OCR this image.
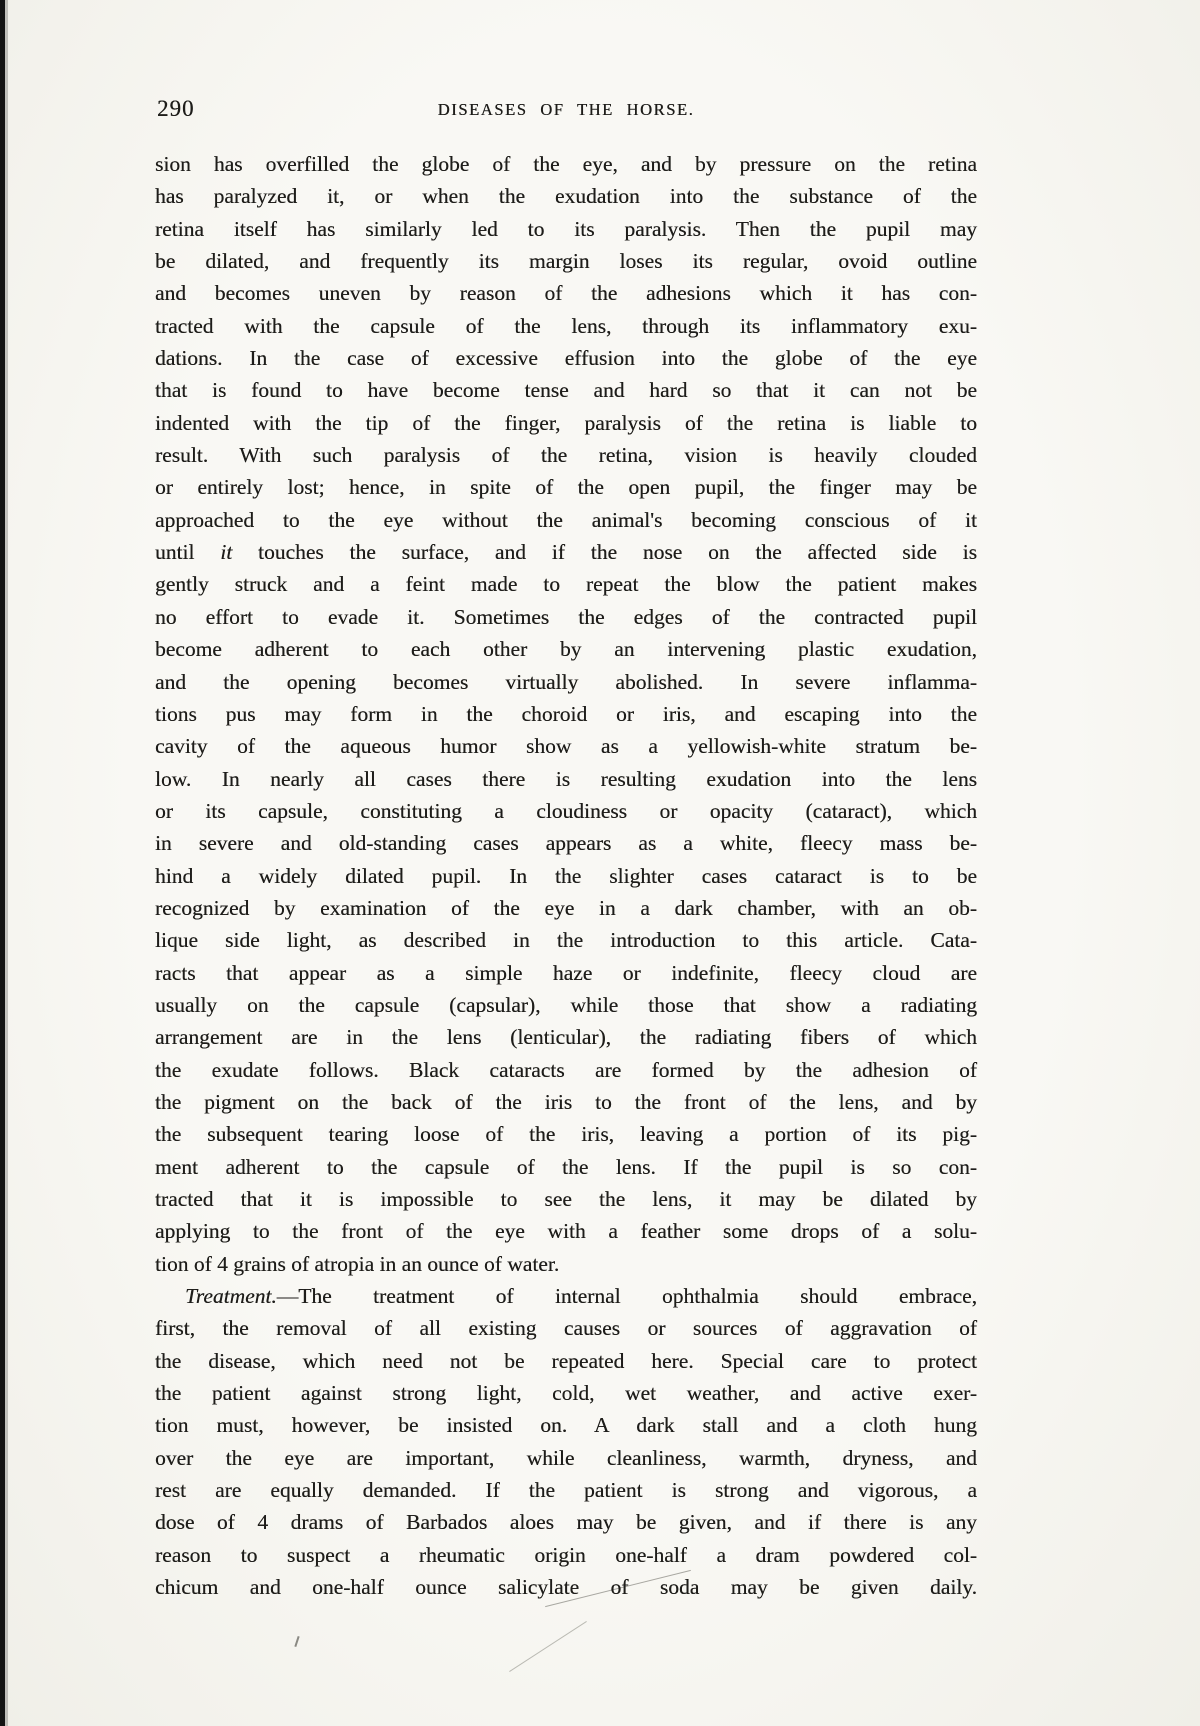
290	DISEASES OF THE HORSE.
sion has overfilled the globe of the eye, and by pressure on the retina
has paralyzed it, or when the exudation into the substance of the
retina itself has similarly led to its paralysis. Then the pupil may
be dilated, and frequently its margin loses its regular, ovoid outline
and becomes uneven by reason of the adhesions which it has con-
tracted with the capsule of the lens, through its inflammatory exu-
dations. In the case of excessive effusion into the globe of the eye
that is found to have become tense and hard so that it can not be
indented with the tip of the finger, paralysis of the retina is liable to
result. With such paralysis of the retina, vision is heavily clouded
or entirely lost; hence, in spite of the open pupil, the finger may be
approached to the eye without the animal's becoming conscious of it
until it touches the surface, and if the nose on the affected side is
gently struck and a feint made to repeat the blow the patient makes
no effort to evade it. Sometimes the edges of the contracted pupil
become adherent to each other by an intervening plastic exudation,
and the opening becomes virtually abolished. In severe inflamma-
tions pus may form in the choroid or iris, and escaping into the
cavity of the aqueous humor show as a yellowish-white stratum be-
low. In nearly all cases there is resulting exudation into the lens
or its capsule, constituting a cloudiness or opacity (cataract), which
in severe and old-standing cases appears as a white, fleecy mass be-
hind a widely dilated pupil. In the slighter cases cataract is to be
recognized by examination of the eye in a dark chamber, with an ob-
lique side light, as described in the introduction to this article. Cata-
racts that appear as a simple haze or indefinite, fleecy cloud are
usually on the capsule (capsular), while those that show a radiating
arrangement are in the lens (lenticular), the radiating fibers of which
the exudate follows. Black cataracts are formed by the adhesion of
the pigment on the back of the iris to the front of the lens, and by
the subsequent tearing loose of the iris, leaving a portion of its pig-
ment adherent to the capsule of the lens. If the pupil is so con-
tracted that it is impossible to see the lens, it may be dilated by
applying to the front of the eye with a feather some drops of a solu-
tion of 4 grains of atropia in an ounce of water.
Treatment.—The treatment of internal ophthalmia should embrace,
first, the removal of all existing causes or sources of aggravation of
the disease, which need not be repeated here. Special care to protect
the patient against strong light, cold, wet weather, and active exer-
tion must, however, be insisted on. A dark stall and a cloth hung
over the eye are important, while cleanliness, warmth, dryness, and
rest are equally demanded. If the patient is strong and vigorous, a
dose of 4 drams of Barbados aloes may be given, and if there is any
reason to suspect a rheumatic origin one-half a dram powdered col-
chicum and one-half ounce salicylate of soda may be given daily.
